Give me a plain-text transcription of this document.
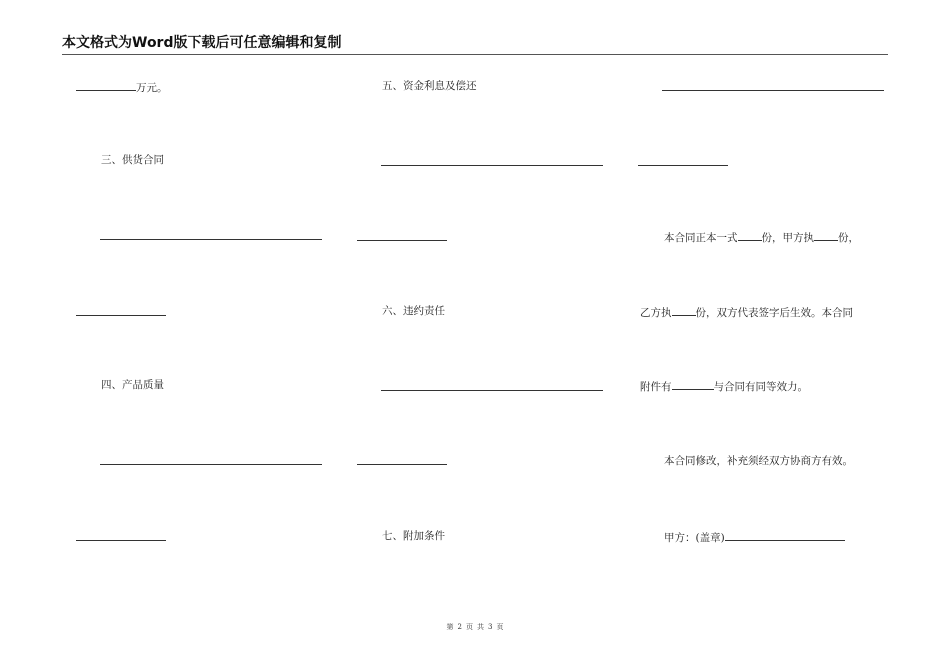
本文格式为Word版下载后可任意编辑和复制
万元。
三、供货合同
四、产品质量
五、资金利息及偿还
六、违约责任
七、附加条件
本合同正本一式 份，甲方执 份，
乙方执 份，双方代表签字后生效。本合同
附件有	与合同有同等效力。
本合同修改，补充须经双方协商方有效。
甲方：(盖章)
第 2 页 共 3 页
